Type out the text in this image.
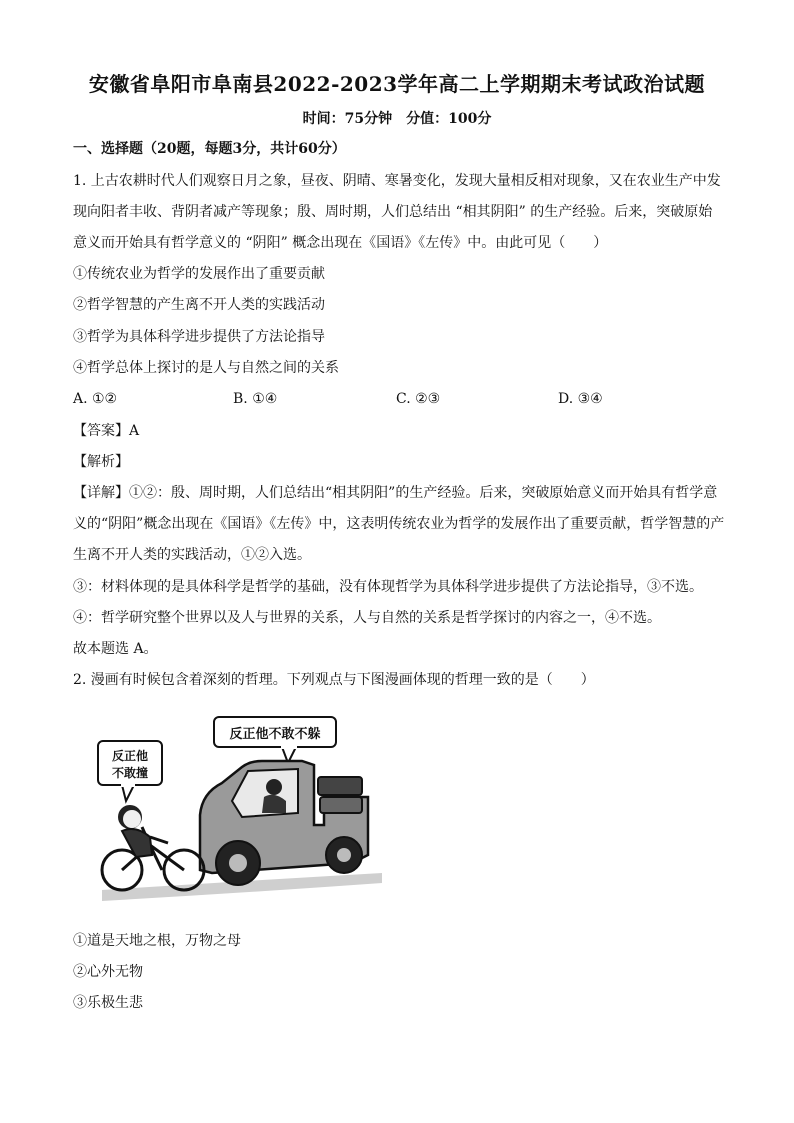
安徽省阜阳市阜南县2022-2023学年高二上学期期末考试政治试题
时间：75分钟　分值：100分
一、选择题（20题，每题3分，共计60分）
1. 上古农耕时代人们观察日月之象，昼夜、阴晴、寒暑变化，发现大量相反相对现象，又在农业生产中发
现向阳者丰收、背阴者减产等现象；殷、周时期，人们总结出 “相其阴阳” 的生产经验。后来，突破原始
意义而开始具有哲学意义的 “阴阳” 概念出现在《国语》《左传》中。由此可见（　　）
①传统农业为哲学的发展作出了重要贡献
②哲学智慧的产生离不开人类的实践活动
③哲学为具体科学进步提供了方法论指导
④哲学总体上探讨的是人与自然之间的关系
A. ①②	B. ①④	C. ②③	D. ③④
【答案】A
【解析】
【详解】①②：殷、周时期，人们总结出“相其阴阳”的生产经验。后来，突破原始意义而开始具有哲学意
义的“阴阳”概念出现在《国语》《左传》中，这表明传统农业为哲学的发展作出了重要贡献，哲学智慧的产
生离不开人类的实践活动，①②入选。
③：材料体现的是具体科学是哲学的基础，没有体现哲学为具体科学进步提供了方法论指导，③不选。
④：哲学研究整个世界以及人与世界的关系，人与自然的关系是哲学探讨的内容之一，④不选。
故本题选 A。
2. 漫画有时候包含着深刻的哲理。下列观点与下图漫画体现的哲理一致的是（　　）
反正他不敢不躲
反正他
不敢撞
①道是天地之根，万物之母
②心外无物
③乐极生悲
